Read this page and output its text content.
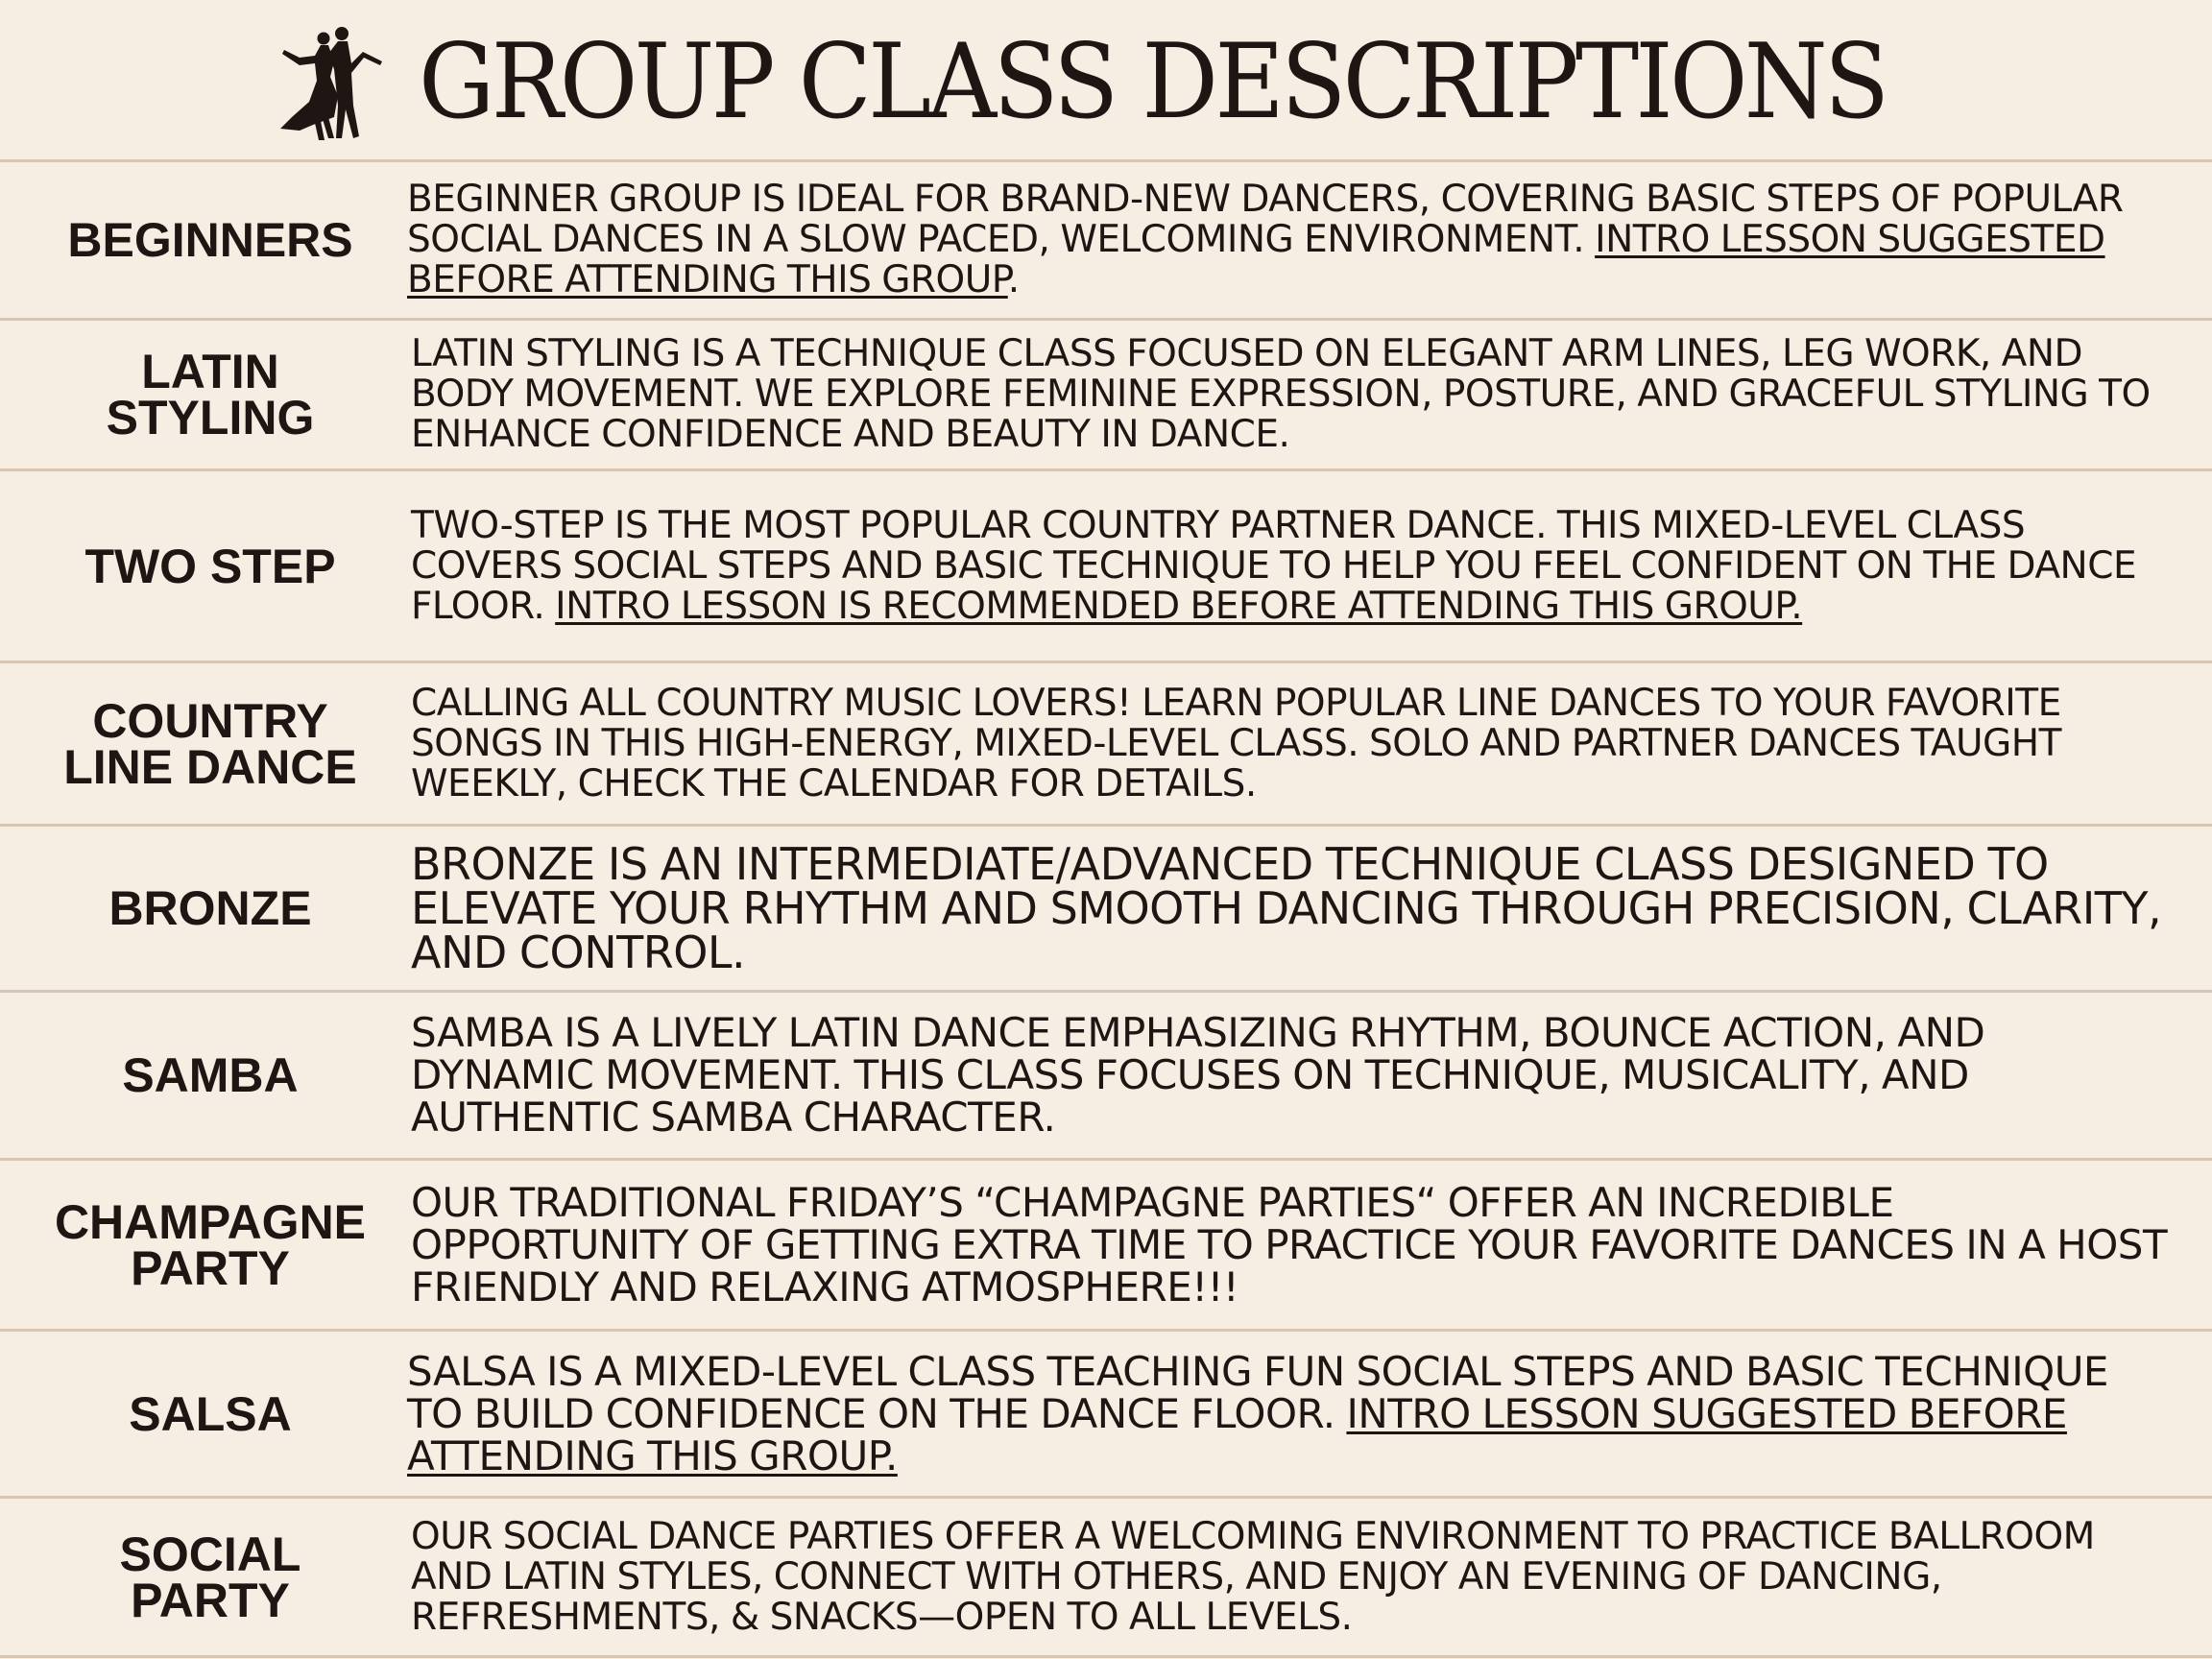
GROUP CLASS DESCRIPTIONS
BEGINNERS
BEGINNER GROUP IS IDEAL FOR BRAND-NEW DANCERS, COVERING BASIC STEPS OF POPULAR SOCIAL DANCES IN A SLOW PACED, WELCOMING ENVIRONMENT. INTRO LESSON SUGGESTED BEFORE ATTENDING THIS GROUP.
LATIN
STYLING
LATIN STYLING IS A TECHNIQUE CLASS FOCUSED ON ELEGANT ARM LINES, LEG WORK, AND BODY MOVEMENT. WE EXPLORE FEMININE EXPRESSION, POSTURE, AND GRACEFUL STYLING TO ENHANCE CONFIDENCE AND BEAUTY IN DANCE.
TWO STEP
TWO-STEP IS THE MOST POPULAR COUNTRY PARTNER DANCE. THIS MIXED-LEVEL CLASS COVERS SOCIAL STEPS AND BASIC TECHNIQUE TO HELP YOU FEEL CONFIDENT ON THE DANCE FLOOR. INTRO LESSON IS RECOMMENDED BEFORE ATTENDING THIS GROUP.
COUNTRY
LINE DANCE
CALLING ALL COUNTRY MUSIC LOVERS! LEARN POPULAR LINE DANCES TO YOUR FAVORITE SONGS IN THIS HIGH-ENERGY, MIXED-LEVEL CLASS. SOLO AND PARTNER DANCES TAUGHT WEEKLY, CHECK THE CALENDAR FOR DETAILS.
BRONZE
BRONZE IS AN INTERMEDIATE/ADVANCED TECHNIQUE CLASS DESIGNED TO ELEVATE YOUR RHYTHM AND SMOOTH DANCING THROUGH PRECISION, CLARITY, AND CONTROL.
SAMBA
SAMBA IS A LIVELY LATIN DANCE EMPHASIZING RHYTHM, BOUNCE ACTION, AND DYNAMIC MOVEMENT. THIS CLASS FOCUSES ON TECHNIQUE, MUSICALITY, AND AUTHENTIC SAMBA CHARACTER.
CHAMPAGNE
PARTY
OUR TRADITIONAL FRIDAY’S “CHAMPAGNE PARTIES“ OFFER AN INCREDIBLE OPPORTUNITY OF GETTING EXTRA TIME TO PRACTICE YOUR FAVORITE DANCES IN A HOST FRIENDLY AND RELAXING ATMOSPHERE!!!
SALSA
SALSA IS A MIXED-LEVEL CLASS TEACHING FUN SOCIAL STEPS AND BASIC TECHNIQUE TO BUILD CONFIDENCE ON THE DANCE FLOOR. INTRO LESSON SUGGESTED BEFORE ATTENDING THIS GROUP.
SOCIAL
PARTY
OUR SOCIAL DANCE PARTIES OFFER A WELCOMING ENVIRONMENT TO PRACTICE BALLROOM AND LATIN STYLES, CONNECT WITH OTHERS, AND ENJOY AN EVENING OF DANCING, REFRESHMENTS, & SNACKS—OPEN TO ALL LEVELS.
